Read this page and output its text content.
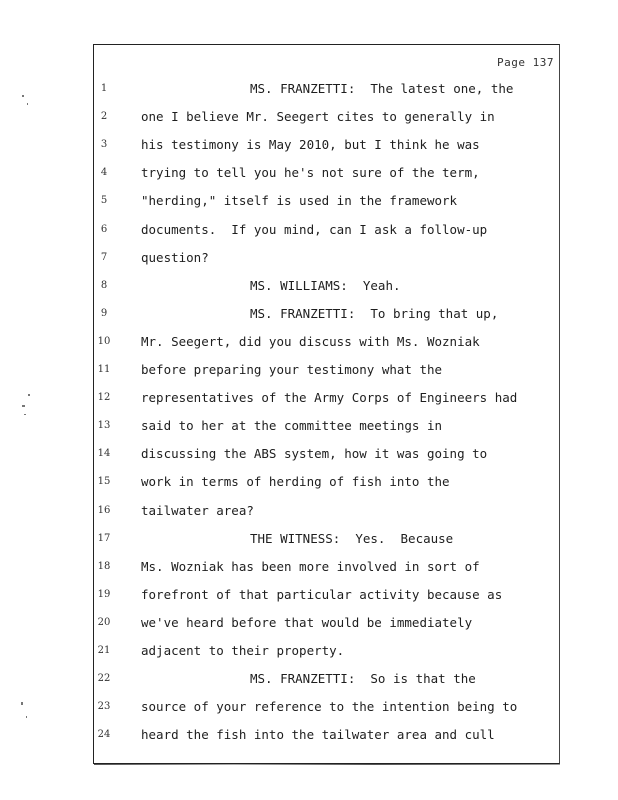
Page 137
1	MS. FRANZETTI:  The latest one, the
2	one I believe Mr. Seegert cites to generally in
3	his testimony is May 2010, but I think he was
4	trying to tell you he's not sure of the term,
5	"herding," itself is used in the framework
6	documents.  If you mind, can I ask a follow-up
7	question?
8	MS. WILLIAMS:  Yeah.
9	MS. FRANZETTI:  To bring that up,
10	Mr. Seegert, did you discuss with Ms. Wozniak
11	before preparing your testimony what the
12	representatives of the Army Corps of Engineers had
13	said to her at the committee meetings in
14	discussing the ABS system, how it was going to
15	work in terms of herding of fish into the
16	tailwater area?
17	THE WITNESS:  Yes.  Because
18	Ms. Wozniak has been more involved in sort of
19	forefront of that particular activity because as
20	we've heard before that would be immediately
21	adjacent to their property.
22	MS. FRANZETTI:  So is that the
23	source of your reference to the intention being to
24	heard the fish into the tailwater area and cull
